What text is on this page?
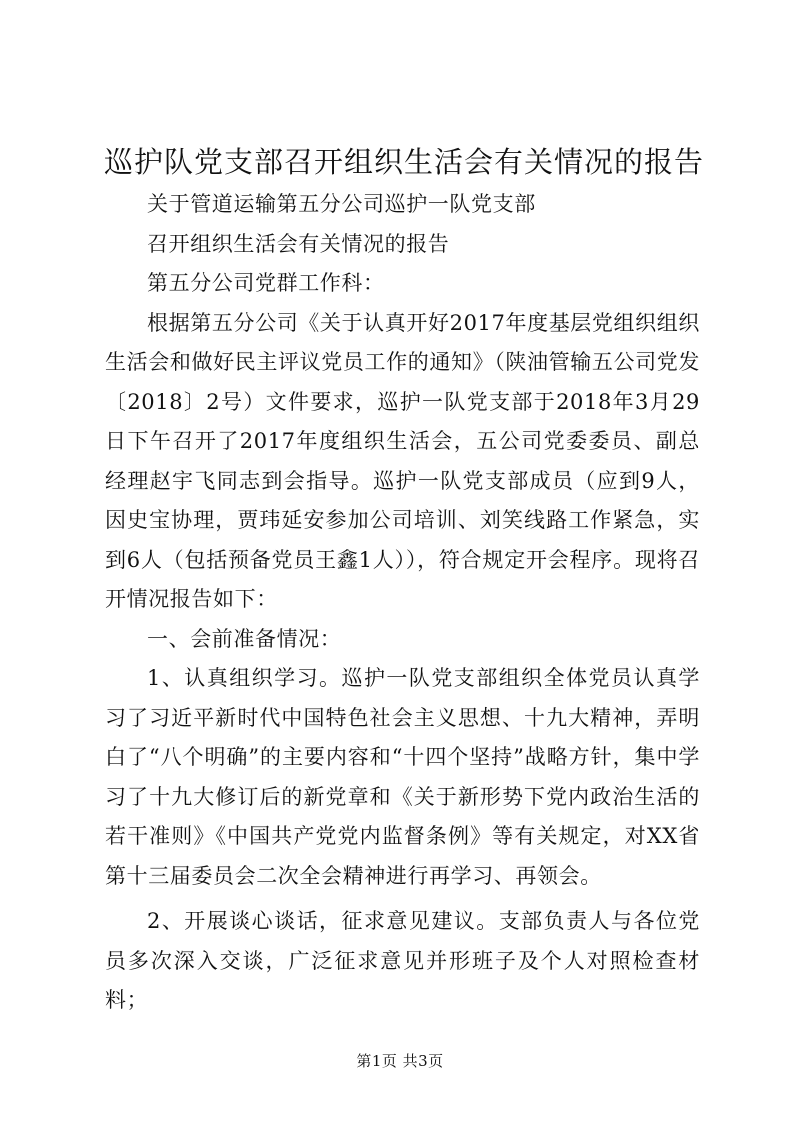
巡护队党支部召开组织生活会有关情况的报告

关于管道运输第五分公司巡护一队党支部

召开组织生活会有关情况的报告

第五分公司党群工作科：

根据第五分公司《关于认真开好2017年度基层党组织组织生活会和做好民主评议党员工作的通知》（陕油管输五公司党发〔2018〕2号）文件要求，巡护一队党支部于2018年3月29日下午召开了2017年度组织生活会，五公司党委委员、副总经理赵宇飞同志到会指导。巡护一队党支部成员（应到9人，因史宝协理，贾玮延安参加公司培训、刘笑线路工作紧急，实到6人（包括预备党员王鑫1人）），符合规定开会程序。现将召开情况报告如下：

一、会前准备情况：

1、认真组织学习。巡护一队党支部组织全体党员认真学习了习近平新时代中国特色社会主义思想、十九大精神，弄明白了“八个明确”的主要内容和“十四个坚持”战略方针，集中学习了十九大修订后的新党章和《关于新形势下党内政治生活的若干准则》《中国共产党党内监督条例》等有关规定，对XX省第十三届委员会二次全会精神进行再学习、再领会。

2、开展谈心谈话，征求意见建议。支部负责人与各位党员多次深入交谈，广泛征求意见并形班子及个人对照检查材料；

第1页 共3页
